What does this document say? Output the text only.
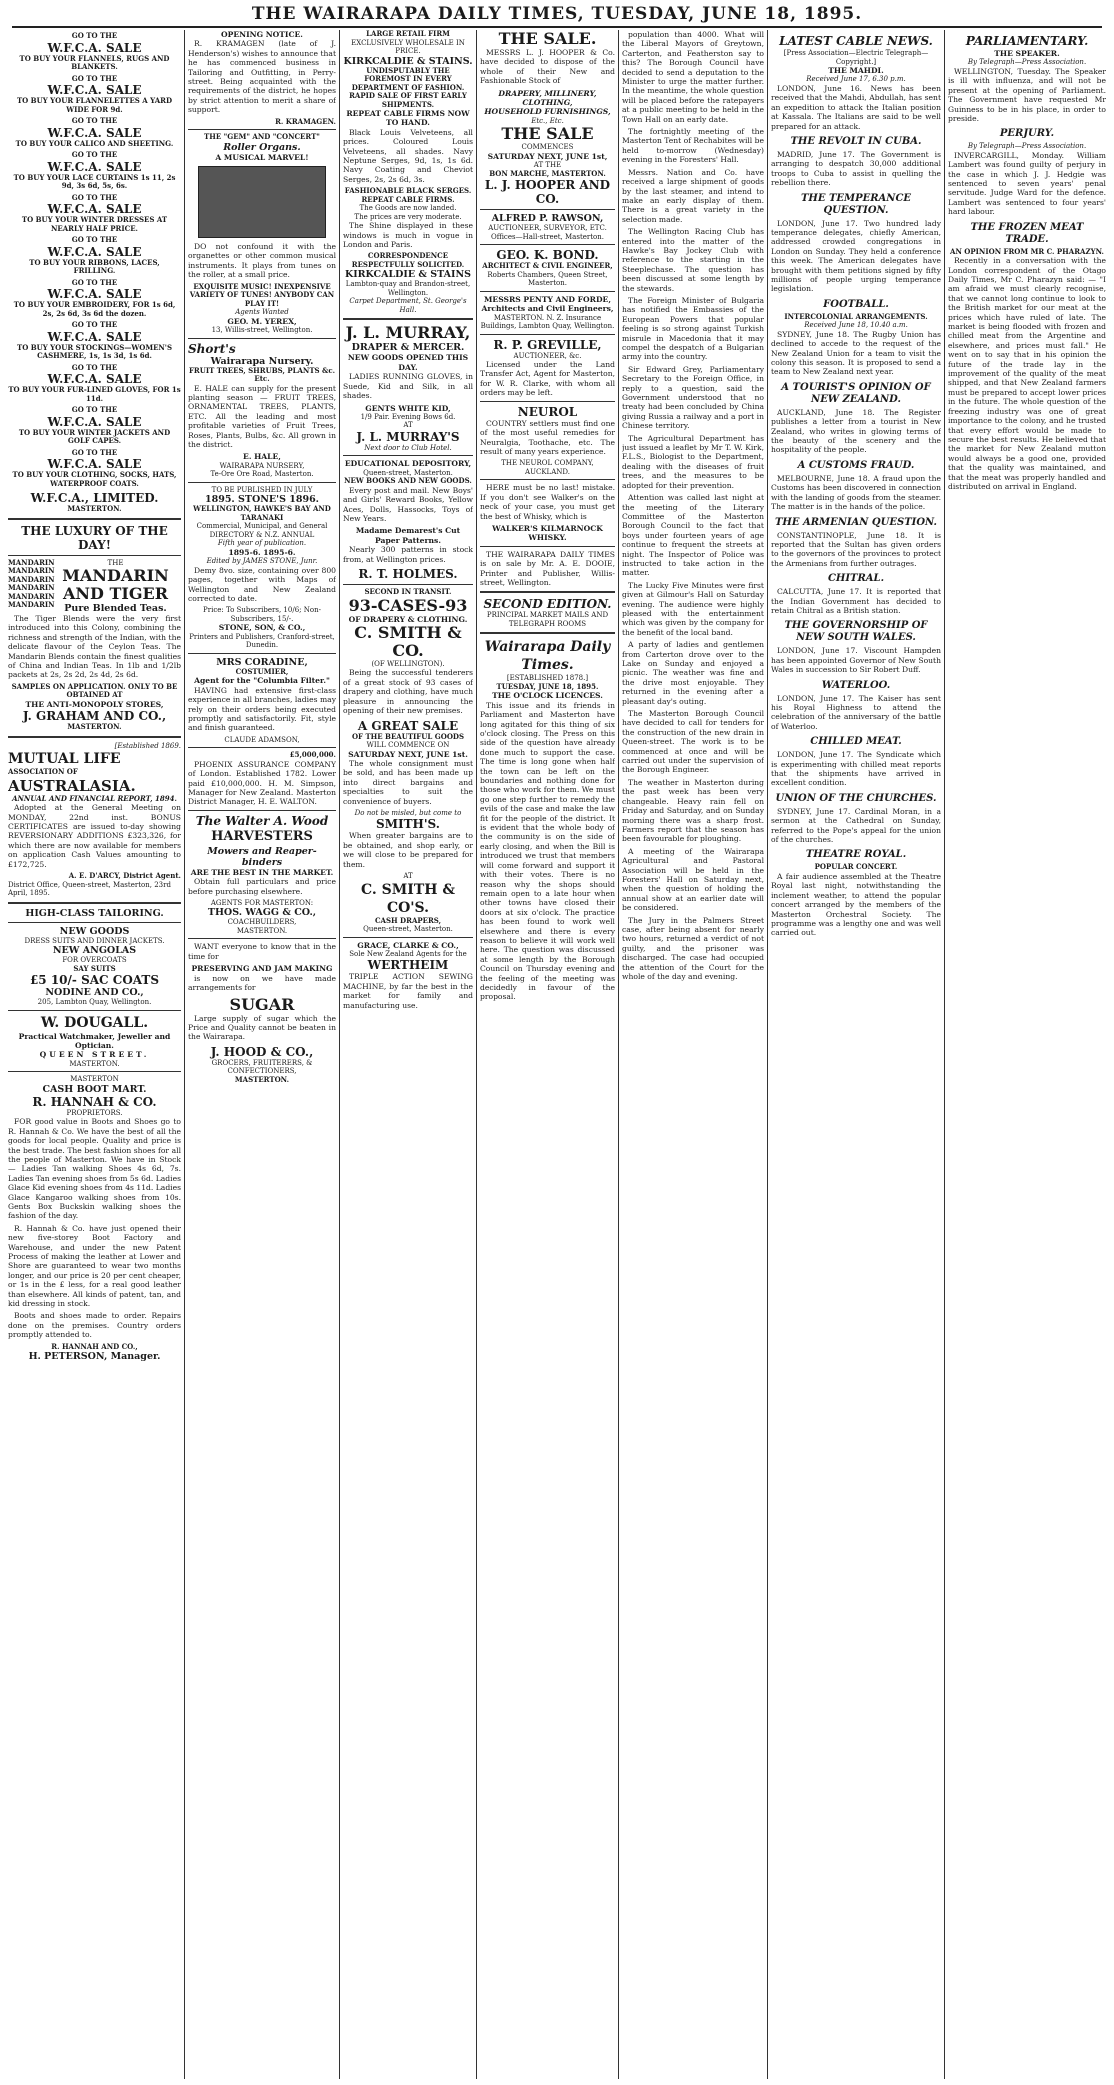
THE WAIRARAPA DAILY TIMES, TUESDAY, JUNE 18, 1895.
GO TO THE
W.F.C.A. SALE
TO BUY YOUR FLANNELS, RUGS AND BLANKETS.
GO TO THE
W.F.C.A. SALE
TO BUY YOUR FLANNELETTES A YARD WIDE FOR 9d.
GO TO THE
W.F.C.A. SALE
TO BUY YOUR CALICO AND SHEETING.
GO TO THE
W.F.C.A. SALE
TO BUY YOUR LACE CURTAINS 1s 11, 2s 9d, 3s 6d, 5s, 6s.
GO TO THE
W.F.C.A. SALE
TO BUY YOUR WINTER DRESSES AT NEARLY HALF PRICE.
GO TO THE
W.F.C.A. SALE
TO BUY YOUR RIBBONS, LACES, FRILLING.
GO TO THE
W.F.C.A. SALE
TO BUY YOUR EMBROIDERY, FOR 1s 6d, 2s, 2s 6d, 3s 6d the dozen.
GO TO THE
W.F.C.A. SALE
TO BUY YOUR STOCKINGS—WOMEN'S CASHMERE, 1s, 1s 3d, 1s 6d.
GO TO THE
W.F.C.A. SALE
TO BUY YOUR FUR-LINED GLOVES, FOR 1s 11d.
GO TO THE
W.F.C.A. SALE
TO BUY YOUR WINTER JACKETS AND GOLF CAPES.
GO TO THE
W.F.C.A. SALE
TO BUY YOUR CLOTHING, SOCKS, HATS, WATERPROOF COATS.
W.F.C.A., LIMITED.
MASTERTON.
THE LUXURY OF THE DAY!
MANDARIN
MANDARIN
MANDARIN
MANDARIN
MANDARIN
MANDARIN
THE
MANDARIN
AND TIGER
Pure Blended Teas.

The Tiger Blends were the very first introduced into this Colony, combining the richness and strength of the Indian, with the delicate flavour of the Ceylon Teas. The Mandarin Blends contain the finest qualities of China and Indian Teas. In 1lb and 1/2lb packets at 2s, 2s 2d, 2s 4d, 2s 6d.

SAMPLES ON APPLICATION. ONLY TO BE OBTAINED AT
THE ANTI-MONOPOLY STORES,
J. GRAHAM AND CO.,
MASTERTON.
[Established 1869.
MUTUAL LIFE
ASSOCIATION OF
AUSTRALASIA.
ANNUAL AND FINANCIAL REPORT, 1894.

Adopted at the General Meeting on MONDAY, 22nd inst. BONUS CERTIFICATES are issued to-day showing REVERSIONARY ADDITIONS £323,326, for which there are now available for members on application Cash Values amounting to £172,725.

A. E. D'ARCY, District Agent.
District Office, Queen-street, Masterton, 23rd April, 1895.
HIGH-CLASS TAILORING.
NEW GOODS
DRESS SUITS AND DINNER JACKETS.
NEW ANGOLAS
FOR OVERCOATS
SAY SUITS
£5 10/- SAC COATS
NODINE AND CO.,
205, Lambton Quay, Wellington.
W. DOUGALL.
Practical Watchmaker, Jeweller and Optician.
QUEEN STREET.
MASTERTON.
MASTERTON
CASH BOOT MART.
R. HANNAH & CO.
PROPRIETORS.

FOR good value in Boots and Shoes go to R. Hannah & Co. We have the best of all the goods for local people. Quality and price is the best trade. The best fashion shoes for all the people of Masterton. We have in Stock — Ladies Tan walking Shoes 4s 6d, 7s. Ladies Tan evening shoes from 5s 6d. Ladies Glace Kid evening shoes from 4s 11d. Ladies Glace Kangaroo walking shoes from 10s. Gents Box Buckskin walking shoes the fashion of the day.

R. Hannah & Co. have just opened their new five-storey Boot Factory and Warehouse, and under the new Patent Process of making the leather at Lower and Shore are guaranteed to wear two months longer, and our price is 20 per cent cheaper, or 1s in the £ less, for a real good leather than elsewhere. All kinds of patent, tan, and kid dressing in stock.

Boots and shoes made to order. Repairs done on the premises. Country orders promptly attended to.

R. HANNAH AND CO.,
H. PETERSON, Manager.
OPENING NOTICE.

R. KRAMAGEN (late of J. Henderson's) wishes to announce that he has commenced business in Tailoring and Outfitting, in Perry-street. Being acquainted with the requirements of the district, he hopes by strict attention to merit a share of support.

R. KRAMAGEN.
THE "GEM" AND "CONCERT"
Roller Organs.
A MUSICAL MARVEL!

DO not confound it with the organettes or other common musical instruments. It plays from tunes on the roller, at a small price.

EXQUISITE MUSIC! INEXPENSIVE VARIETY OF TUNES! ANYBODY CAN PLAY IT!
Agents Wanted
GEO. M. YEREX,
13, Willis-street, Wellington.
Short's
Wairarapa Nursery.
FRUIT TREES, SHRUBS, PLANTS &c. Etc.

E. HALE can supply for the present planting season — FRUIT TREES, ORNAMENTAL TREES, PLANTS, ETC. All the leading and most profitable varieties of Fruit Trees, Roses, Plants, Bulbs, &c. All grown in the district.

E. HALE,
WAIRARAPA NURSERY,
Te-Ore Ore Road, Masterton.
TO BE PUBLISHED IN JULY
1895. STONE'S 1896.
WELLINGTON, HAWKE'S BAY AND TARANAKI
Commercial, Municipal, and General DIRECTORY & N.Z. ANNUAL
Fifth year of publication.
1895-6. 1895-6.
Edited by JAMES STONE, Junr.

Demy 8vo. size, containing over 800 pages, together with Maps of Wellington and New Zealand corrected to date.

Price: To Subscribers, 10/6; Non-Subscribers, 15/-.
STONE, SON, & CO.,
Printers and Publishers, Cranford-street, Dunedin.
MRS CORADINE,
COSTUMIER,
Agent for the "Columbia Filter."

HAVING had extensive first-class experience in all branches, ladies may rely on their orders being executed promptly and satisfactorily. Fit, style and finish guaranteed.

CLAUDE ADAMSON,
£5,000,000.

PHOENIX ASSURANCE COMPANY of London. Established 1782. Lower paid £10,000,000. H. M. Simpson, Manager for New Zealand. Masterton District Manager, H. E. WALTON.

The Walter A. Wood
HARVESTERS
Mowers and Reaper-binders
ARE THE BEST IN THE MARKET.

Obtain full particulars and price before purchasing elsewhere.

AGENTS FOR MASTERTON:
THOS. WAGG & CO.,
COACHBUILDERS,
MASTERTON.

WANT everyone to know that in the time for

PRESERVING AND JAM MAKING

is now on we have made arrangements for

SUGAR

Large supply of sugar which the Price and Quality cannot be beaten in the Wairarapa.

J. HOOD & CO.,
GROCERS, FRUITERERS, & CONFECTIONERS,
MASTERTON.
LARGE RETAIL FIRM
EXCLUSIVELY WHOLESALE IN PRICE.
KIRKCALDIE & STAINS.
UNDISPUTABLY THE FOREMOST IN EVERY DEPARTMENT OF FASHION.
RAPID SALE OF FIRST EARLY SHIPMENTS.
REPEAT CABLE FIRMS NOW TO HAND.

Black Louis Velveteens, all prices. Coloured Louis Velveteens, all shades. Navy Neptune Serges, 9d, 1s, 1s 6d. Navy Coating and Cheviot Serges, 2s, 2s 6d, 3s.

FASHIONABLE BLACK SERGES.
REPEAT CABLE FIRMS.
The Goods are now landed.
The prices are very moderate.

The Shine displayed in these windows is much in vogue in London and Paris.

CORRESPONDENCE RESPECTFULLY SOLICITED.
KIRKCALDIE & STAINS
Lambton-quay and Brandon-street, Wellington.
Carpet Department, St. George's Hall.
J. L. MURRAY,
DRAPER & MERCER.
NEW GOODS OPENED THIS DAY.

LADIES RUNNING GLOVES, in Suede, Kid and Silk, in all shades.

GENTS WHITE KID,
1/9 Pair. Evening Bows 6d.
AT
J. L. MURRAY'S
Next door to Club Hotel.
EDUCATIONAL DEPOSITORY,
Queen-street, Masterton.
NEW BOOKS AND NEW GOODS.

Every post and mail. New Boys' and Girls' Reward Books, Yellow Aces, Dolls, Hassocks, Toys of New Years.

Madame Demarest's Cut Paper Patterns.

Nearly 300 patterns in stock from, at Wellington prices.

R. T. HOLMES.
SECOND IN TRANSIT.
93-CASES-93
OF DRAPERY & CLOTHING.
C. SMITH & CO.
(OF WELLINGTON).

Being the successful tenderers of a great stock of 93 cases of drapery and clothing, have much pleasure in announcing the opening of their new premises.

A GREAT SALE
OF THE BEAUTIFUL GOODS
WILL COMMENCE ON
SATURDAY NEXT, JUNE 1st.

The whole consignment must be sold, and has been made up into direct bargains and specialties to suit the convenience of buyers.

Do not be misled, but come to
SMITH'S.

When greater bargains are to be obtained, and shop early, or we will close to be prepared for them.

AT
C. SMITH & CO'S.
CASH DRAPERS,
Queen-street, Masterton.
GRACE, CLARKE & CO.,
Sole New Zealand Agents for the
WERTHEIM

TRIPLE ACTION SEWING MACHINE, by far the best in the market for family and manufacturing use.

THE SALE.

MESSRS L. J. HOOPER & Co. have decided to dispose of the whole of their New and Fashionable Stock of

DRAPERY, MILLINERY, CLOTHING,
HOUSEHOLD FURNISHINGS,
Etc., Etc.
THE SALE
COMMENCES
SATURDAY NEXT, JUNE 1st,
AT THE
BON MARCHE, MASTERTON.
L. J. HOOPER AND CO.
ALFRED P. RAWSON,
AUCTIONEER, SURVEYOR, ETC.
Offices—Hall-street, Masterton.
GEO. K. BOND.
ARCHITECT & CIVIL ENGINEER,
Roberts Chambers, Queen Street, Masterton.
MESSRS PENTY AND FORDE, Architects and Civil Engineers,
MASTERTON. N. Z. Insurance Buildings, Lambton Quay, Wellington.
R. P. GREVILLE,
AUCTIONEER, &c.

Licensed under the Land Transfer Act, Agent for Masterton, for W. R. Clarke, with whom all orders may be left.

NEUROL

COUNTRY settlers must find one of the most useful remedies for Neuralgia, Toothache, etc. The result of many years experience.

THE NEUROL COMPANY, AUCKLAND.

HERE must be no last! mistake. If you don't see Walker's on the neck of your case, you must get the best of Whisky, which is

WALKER'S KILMARNOCK WHISKY.

THE WAIRARAPA DAILY TIMES is on sale by Mr. A. E. DOOIE, Printer and Publisher, Willis-street, Wellington.

SECOND EDITION.
PRINCIPAL MARKET MAILS AND TELEGRAPH ROOMS
Wairarapa Daily Times.
[ESTABLISHED 1878.]
TUESDAY, JUNE 18, 1895.
THE O'CLOCK LICENCES.

This issue and its friends in Parliament and Masterton have long agitated for this thing of six o'clock closing. The Press on this side of the question have already done much to support the case. The time is long gone when half the town can be left on the boundaries and nothing done for those who work for them. We must go one step further to remedy the evils of the case and make the law fit for the people of the district. It is evident that the whole body of the community is on the side of early closing, and when the Bill is introduced we trust that members will come forward and support it with their votes. There is no reason why the shops should remain open to a late hour when other towns have closed their doors at six o'clock. The practice has been found to work well elsewhere and there is every reason to believe it will work well here. The question was discussed at some length by the Borough Council on Thursday evening and the feeling of the meeting was decidedly in favour of the proposal.

population than 4000. What will the Liberal Mayors of Greytown, Carterton, and Featherston say to this? The Borough Council have decided to send a deputation to the Minister to urge the matter further. In the meantime, the whole question will be placed before the ratepayers at a public meeting to be held in the Town Hall on an early date.

The fortnightly meeting of the Masterton Tent of Rechabites will be held to-morrow (Wednesday) evening in the Foresters' Hall.

Messrs. Nation and Co. have received a large shipment of goods by the last steamer, and intend to make an early display of them. There is a great variety in the selection made.

The Wellington Racing Club has entered into the matter of the Hawke's Bay Jockey Club with reference to the starting in the Steeplechase. The question has been discussed at some length by the stewards.

The Foreign Minister of Bulgaria has notified the Embassies of the European Powers that popular feeling is so strong against Turkish misrule in Macedonia that it may compel the despatch of a Bulgarian army into the country.

Sir Edward Grey, Parliamentary Secretary to the Foreign Office, in reply to a question, said the Government understood that no treaty had been concluded by China giving Russia a railway and a port in Chinese territory.

The Agricultural Department has just issued a leaflet by Mr T. W. Kirk, F.L.S., Biologist to the Department, dealing with the diseases of fruit trees, and the measures to be adopted for their prevention.

Attention was called last night at the meeting of the Literary Committee of the Masterton Borough Council to the fact that boys under fourteen years of age continue to frequent the streets at night. The Inspector of Police was instructed to take action in the matter.

The Lucky Five Minutes were first given at Gilmour's Hall on Saturday evening. The audience were highly pleased with the entertainment which was given by the company for the benefit of the local band.

A party of ladies and gentlemen from Carterton drove over to the Lake on Sunday and enjoyed a picnic. The weather was fine and the drive most enjoyable. They returned in the evening after a pleasant day's outing.

The Masterton Borough Council have decided to call for tenders for the construction of the new drain in Queen-street. The work is to be commenced at once and will be carried out under the supervision of the Borough Engineer.

The weather in Masterton during the past week has been very changeable. Heavy rain fell on Friday and Saturday, and on Sunday morning there was a sharp frost. Farmers report that the season has been favourable for ploughing.

A meeting of the Wairarapa Agricultural and Pastoral Association will be held in the Foresters' Hall on Saturday next, when the question of holding the annual show at an earlier date will be considered.

The Jury in the Palmers Street case, after being absent for nearly two hours, returned a verdict of not guilty, and the prisoner was discharged. The case had occupied the attention of the Court for the whole of the day and evening.

LATEST CABLE NEWS.
[Press Association—Electric Telegraph—Copyright.]
THE MAHDI.
Received June 17, 6.30 p.m.

LONDON, June 16. News has been received that the Mahdi, Abdullah, has sent an expedition to attack the Italian position at Kassala. The Italians are said to be well prepared for an attack.

THE REVOLT IN CUBA.

MADRID, June 17. The Government is arranging to despatch 30,000 additional troops to Cuba to assist in quelling the rebellion there.

THE TEMPERANCE QUESTION.

LONDON, June 17. Two hundred lady temperance delegates, chiefly American, addressed crowded congregations in London on Sunday. They held a conference this week. The American delegates have brought with them petitions signed by fifty millions of people urging temperance legislation.

FOOTBALL.
INTERCOLONIAL ARRANGEMENTS.
Received June 18, 10.40 a.m.

SYDNEY, June 18. The Rugby Union has declined to accede to the request of the New Zealand Union for a team to visit the colony this season. It is proposed to send a team to New Zealand next year.

A TOURIST'S OPINION OF NEW ZEALAND.

AUCKLAND, June 18. The Register publishes a letter from a tourist in New Zealand, who writes in glowing terms of the beauty of the scenery and the hospitality of the people.

A CUSTOMS FRAUD.

MELBOURNE, June 18. A fraud upon the Customs has been discovered in connection with the landing of goods from the steamer. The matter is in the hands of the police.

THE ARMENIAN QUESTION.

CONSTANTINOPLE, June 18. It is reported that the Sultan has given orders to the governors of the provinces to protect the Armenians from further outrages.

CHITRAL.

CALCUTTA, June 17. It is reported that the Indian Government has decided to retain Chitral as a British station.

THE GOVERNORSHIP OF NEW SOUTH WALES.

LONDON, June 17. Viscount Hampden has been appointed Governor of New South Wales in succession to Sir Robert Duff.

WATERLOO.

LONDON, June 17. The Kaiser has sent his Royal Highness to attend the celebration of the anniversary of the battle of Waterloo.

CHILLED MEAT.

LONDON, June 17. The Syndicate which is experimenting with chilled meat reports that the shipments have arrived in excellent condition.

UNION OF THE CHURCHES.

SYDNEY, June 17. Cardinal Moran, in a sermon at the Cathedral on Sunday, referred to the Pope's appeal for the union of the churches.

THEATRE ROYAL.
POPULAR CONCERT.

A fair audience assembled at the Theatre Royal last night, notwithstanding the inclement weather, to attend the popular concert arranged by the members of the Masterton Orchestral Society. The programme was a lengthy one and was well carried out.

PARLIAMENTARY.
THE SPEAKER.
By Telegraph—Press Association.

WELLINGTON, Tuesday. The Speaker is ill with influenza, and will not be present at the opening of Parliament. The Government have requested Mr Guinness to be in his place, in order to preside.

PERJURY.
By Telegraph—Press Association.

INVERCARGILL, Monday. William Lambert was found guilty of perjury in the case in which J. J. Hedgie was sentenced to seven years' penal servitude. Judge Ward for the defence. Lambert was sentenced to four years' hard labour.

THE FROZEN MEAT TRADE.
AN OPINION FROM MR C. PHARAZYN.

Recently in a conversation with the London correspondent of the Otago Daily Times, Mr C. Pharazyn said: — "I am afraid we must clearly recognise, that we cannot long continue to look to the British market for our meat at the prices which have ruled of late. The market is being flooded with frozen and chilled meat from the Argentine and elsewhere, and prices must fall." He went on to say that in his opinion the future of the trade lay in the improvement of the quality of the meat shipped, and that New Zealand farmers must be prepared to accept lower prices in the future. The whole question of the freezing industry was one of great importance to the colony, and he trusted that every effort would be made to secure the best results. He believed that the market for New Zealand mutton would always be a good one, provided that the quality was maintained, and that the meat was properly handled and distributed on arrival in England.
